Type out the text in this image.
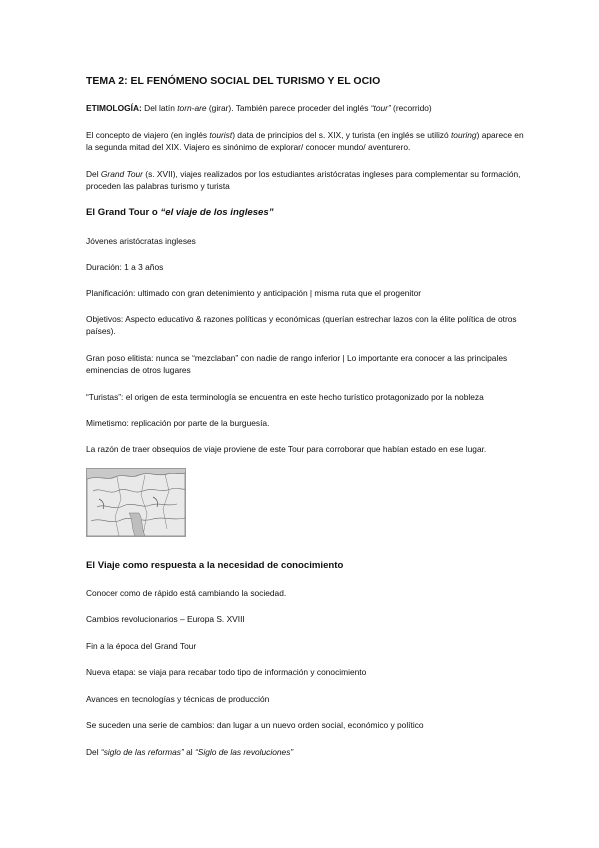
TEMA 2: EL FENÓMENO SOCIAL DEL TURISMO Y EL OCIO

ETIMOLOGÍA: Del latín torn-are (girar). También parece proceder del inglés “tour” (recorrido)

El concepto de viajero (en inglés tourist) data de principios del s. XIX, y turista (en inglés se utilizó touring) aparece en la segunda mitad del XIX. Viajero es sinónimo de explorar/ conocer mundo/ aventurero.

Del Grand Tour (s. XVII), viajes realizados por los estudiantes aristócratas ingleses para complementar su formación, proceden las palabras turismo y turista

El Grand Tour o “el viaje de los ingleses”

Jóvenes aristócratas ingleses

Duración: 1 a 3 años

Planificación: ultimado con gran detenimiento y anticipación | misma ruta que el progenitor

Objetivos: Aspecto educativo & razones políticas y económicas (querían estrechar lazos con la élite política de otros países).

Gran poso elitista: nunca se “mezclaban” con nadie de rango inferior | Lo importante era conocer a las principales eminencias de otros lugares

“Turistas”: el origen de esta terminología se encuentra en este hecho turístico protagonizado por la nobleza

Mimetismo: replicación por parte de la burguesía.

La razón de traer obsequios de viaje proviene de este Tour para corroborar que habían estado en ese lugar.

El Viaje como respuesta a la necesidad de conocimiento

Conocer como de rápido está cambiando la sociedad.

Cambios revolucionarios – Europa S. XVIII

Fin a la época del Grand Tour

Nueva etapa: se viaja para recabar todo tipo de información y conocimiento

Avances en tecnologías y técnicas de producción

Se suceden una serie de cambios: dan lugar a un nuevo orden social, económico y político

Del “siglo de las reformas” al “Siglo de las revoluciones”
